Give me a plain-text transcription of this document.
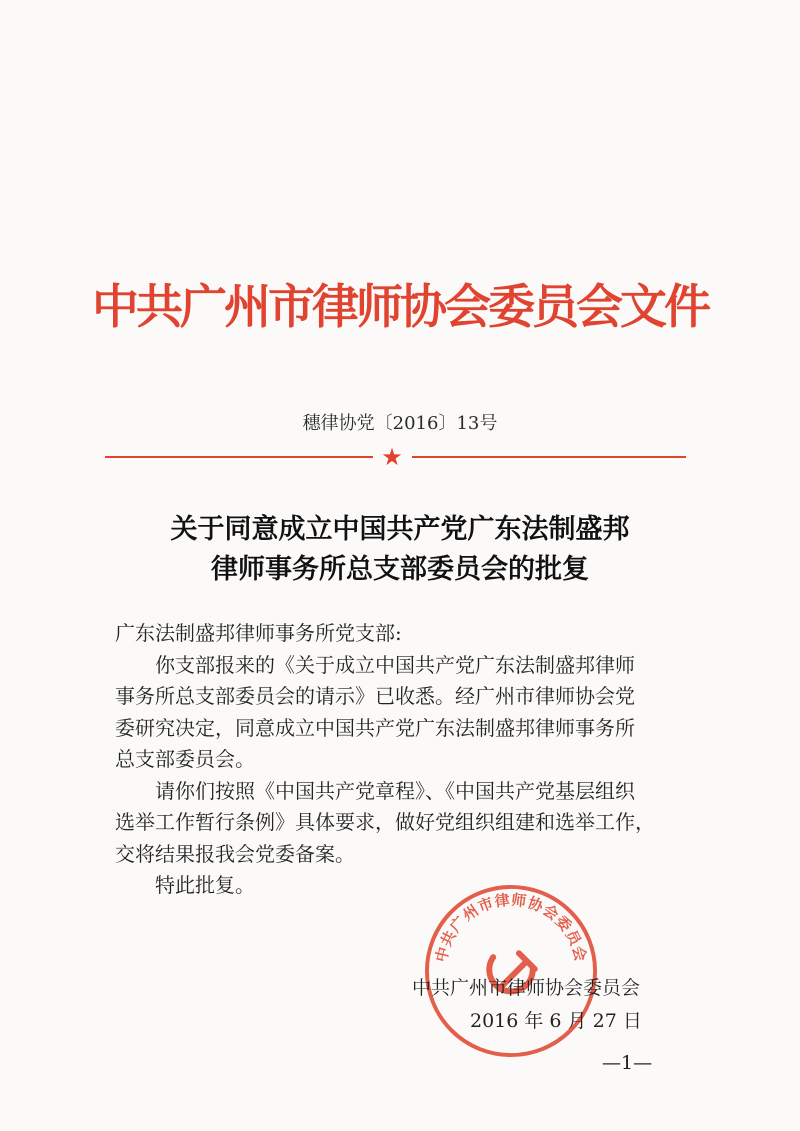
中共广州市律师协会委员会文件
穗律协党〔2016〕13号
★
关于同意成立中国共产党广东法制盛邦
律师事务所总支部委员会的批复

广东法制盛邦律师事务所党支部:

你支部报来的《关于成立中国共产党广东法制盛邦律师
事务所总支部委员会的请示》已收悉。经广州市律师协会党
委研究决定，同意成立中国共产党广东法制盛邦律师事务所
总支部委员会。
请你们按照《中国共产党章程》、《中国共产党基层组织
选举工作暂行条例》具体要求，做好党组织组建和选举工作，
交将结果报我会党委备案。

特此批复。

中共广州市律师协会委员会
中共广州市律师协会委员会
2016 年 6 月 27 日
—1—
